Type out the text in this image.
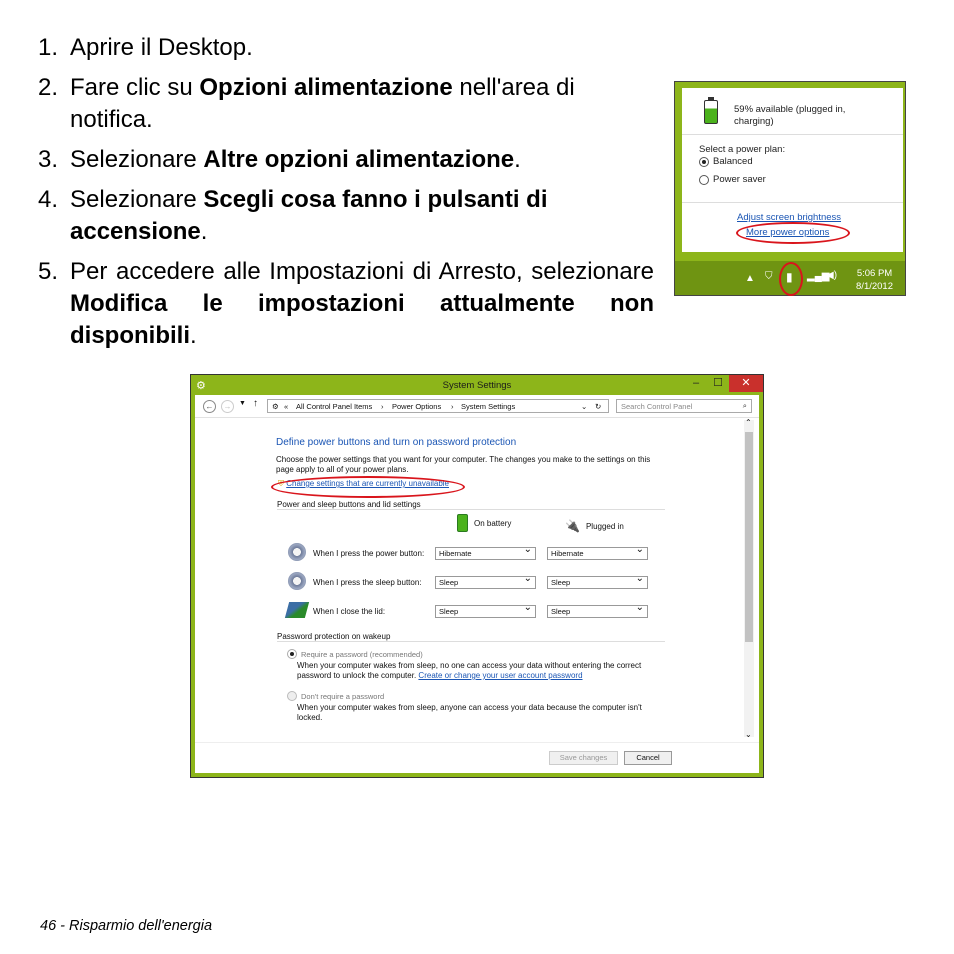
1. Aprire il Desktop.
2. Fare clic su Opzioni alimentazione nell'area di notifica.
3. Selezionare Altre opzioni alimentazione.
4. Selezionare Scegli cosa fanno i pulsanti di accensione.
5. Per accedere alle Impostazioni di Arresto, selezionare Modifica le impostazioni attualmente non disponibili.
59% available (plugged in, charging)
Select a power plan:
Balanced
Power saver
Adjust screen brightness
More power options
▲ ⛉ ▮ ▂▄▆
◀) 5:06 PM
8/1/2012
⚙	System Settings	–	☐	✕
←	→	▼ ↑ ⚙ « All Control Panel Items › Power Options › System Settings	⌄ ↻	Search Control Panel	⌕
Define power buttons and turn on password protection
Choose the power settings that you want for your computer. The changes you make to the settings on this page apply to all of your power plans.
⛨ Change settings that are currently unavailable
Power and sleep buttons and lid settings
On battery	🔌 Plugged in
When I press the power button:	Hibernate ⌄	Hibernate ⌄
When I press the sleep button:	Sleep ⌄	Sleep ⌄
When I close the lid:	Sleep ⌄	Sleep ⌄
Password protection on wakeup
Require a password (recommended)
When your computer wakes from sleep, no one can access your data without entering the correct password to unlock the computer. Create or change your user account password
Don't require a password
When your computer wakes from sleep, anyone can access your data because the computer isn't locked.
⌃
⌄
Save changes	Cancel
46 - Risparmio dell'energia
